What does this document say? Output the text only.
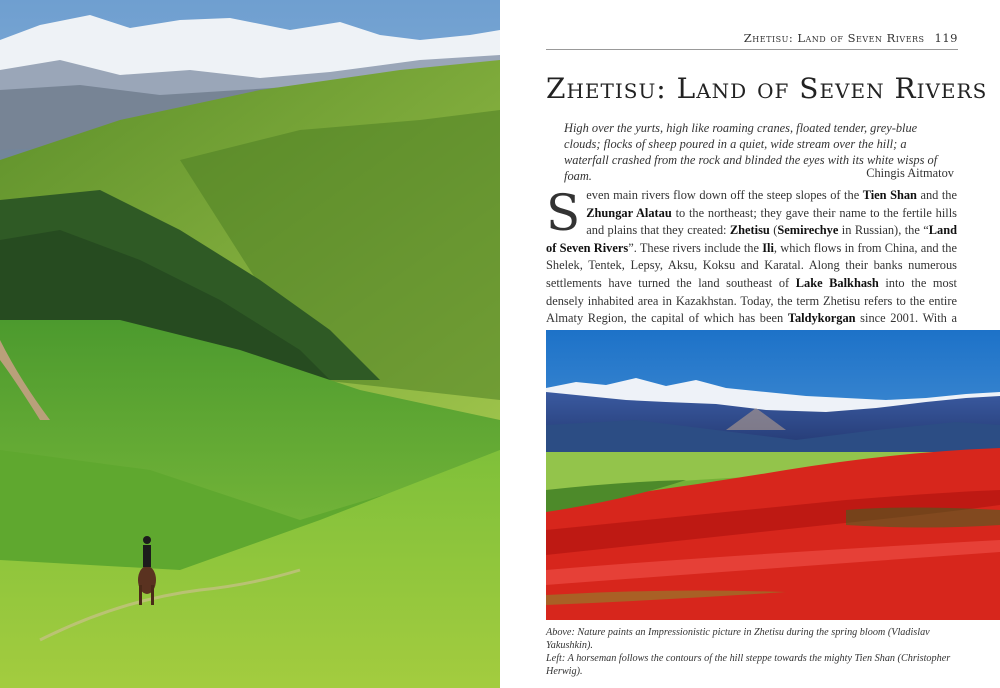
Zhetisu: Land of Seven Rivers 119
Zhetisu: Land of Seven Rivers
High over the yurts, high like roaming cranes, floated tender, grey-blue clouds; flocks of sheep poured in a quiet, wide stream over the hill; a waterfall crashed from the rock and blinded the eyes with its white wisps of foam.	Chingis Aitmatov
Seven main rivers flow down off the steep slopes of the Tien Shan and the Zhungar Alatau to the northeast; they gave their name to the fertile hills and plains that they created: Zhetisu (Semirechye in Russian), the “Land of Seven Rivers”. These rivers include the Ili, which flows in from China, and the Shelek, Tentek, Lepsy, Aksu, Koksu and Karatal. Along their banks numerous settlements have turned the land southeast of Lake Balkhash into the most densely inhabited area in Kazakhstan. Today, the term Zhetisu refers to the entire Almaty Region, the capital of which has been Taldykorgan since 2001. With a
Above: Nature paints an Impressionistic picture in Zhetisu during the spring bloom (Vladislav Yakushkin).
Left: A horseman follows the contours of the hill steppe towards the mighty Tien Shan (Christopher Herwig).
